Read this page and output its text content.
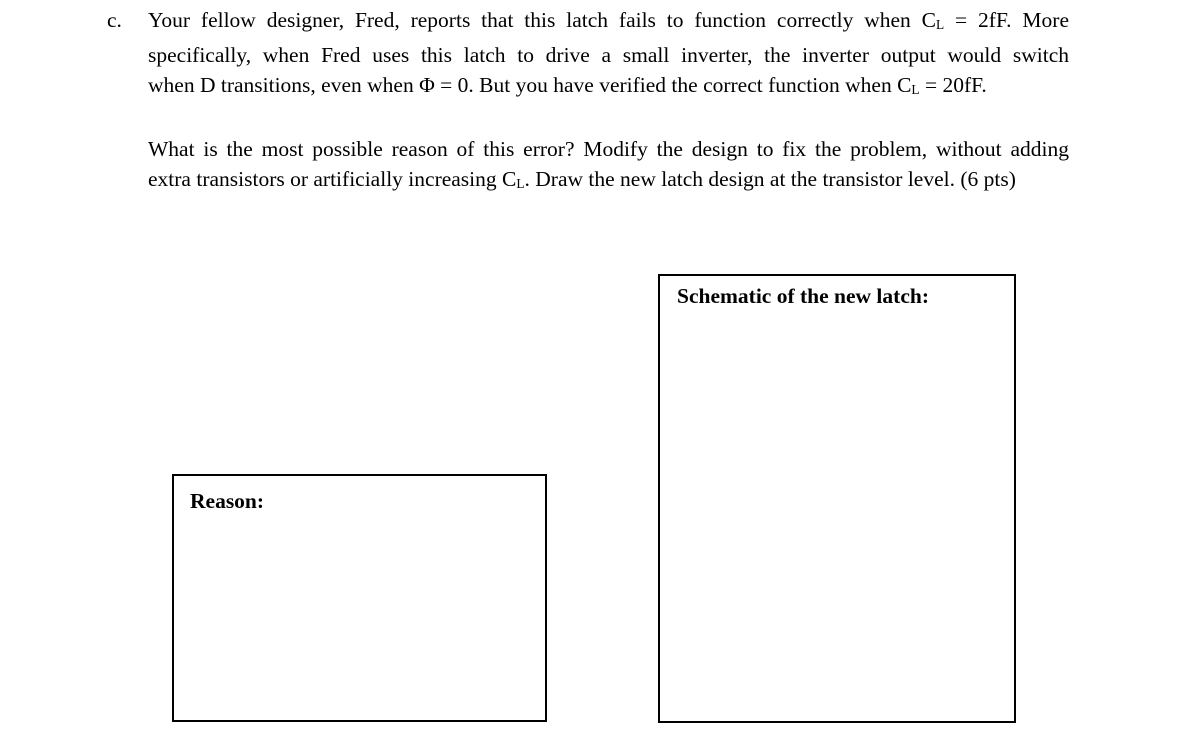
c.	Your fellow designer, Fred, reports that this latch fails to function correctly when CL = 2fF. More
specifically, when Fred uses this latch to drive a small inverter, the inverter output would switch
when D transitions, even when Φ = 0. But you have verified the correct function when CL = 20fF.
What is the most possible reason of this error? Modify the design to fix the problem, without adding
extra transistors or artificially increasing CL. Draw the new latch design at the transistor level. (6 pts)
Reason:
Schematic of the new latch:
